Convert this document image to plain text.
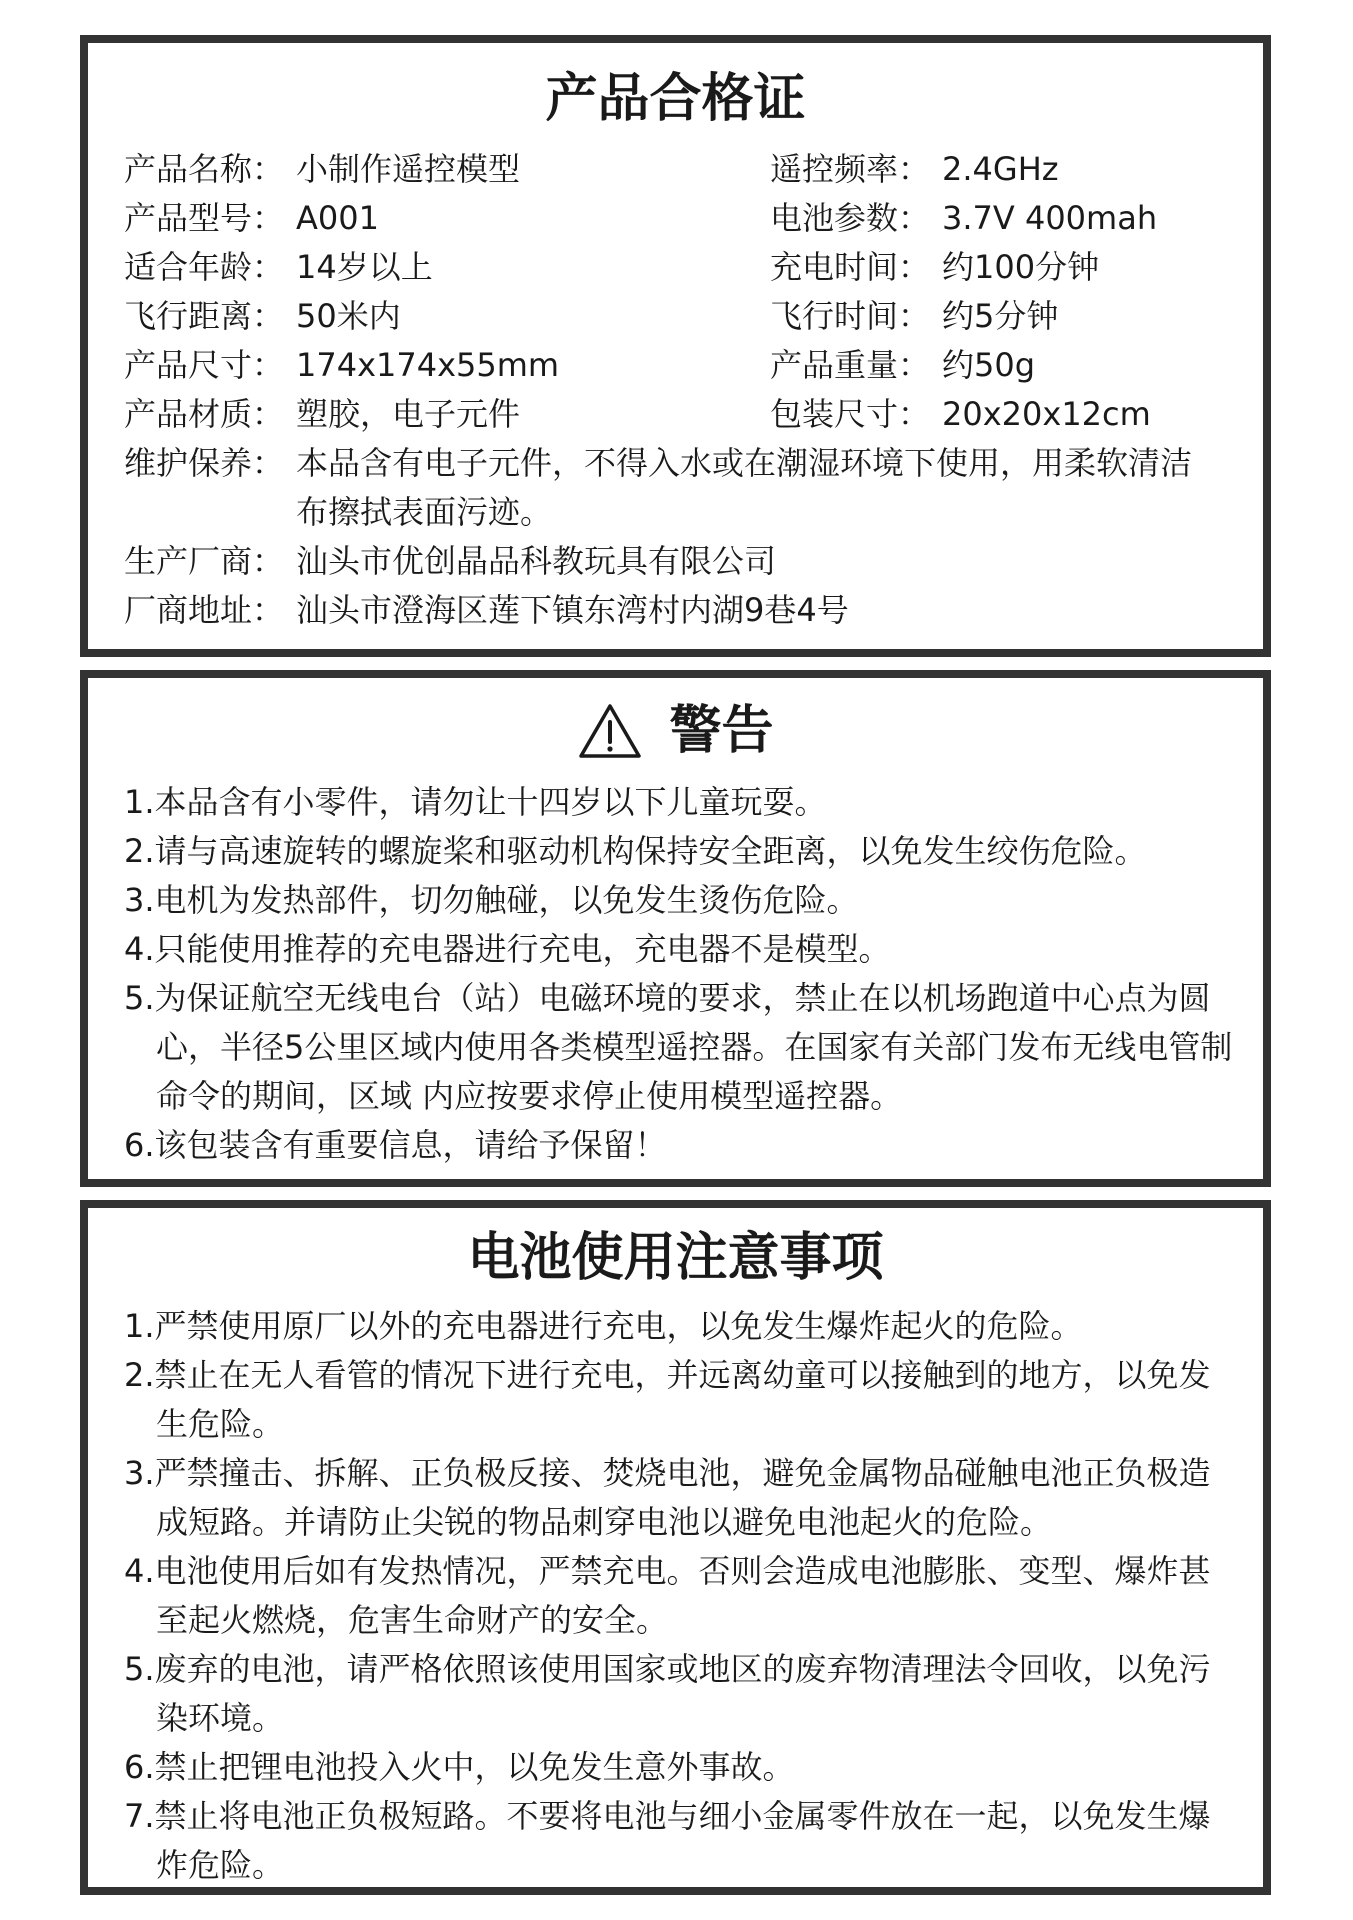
产品合格证
产品名称： 小制作遥控模型
产品型号： A001
适合年龄： 14岁以上
飞行距离： 50米内
产品尺寸： 174x174x55mm
产品材质： 塑胶，电子元件
遥控频率： 2.4GHz
电池参数： 3.7V 400mah
充电时间： 约100分钟
飞行时间： 约5分钟
产品重量： 约50g
包装尺寸： 20x20x12cm
维护保养： 本品含有电子元件，不得入水或在潮湿环境下使用，用柔软清洁布擦拭表面污迹。
生产厂商： 汕头市优创晶品科教玩具有限公司
厂商地址： 汕头市澄海区莲下镇东湾村内湖9巷4号
警告
1.本品含有小零件，请勿让十四岁以下儿童玩耍。
2.请与高速旋转的螺旋桨和驱动机构保持安全距离，以免发生绞伤危险。
3.电机为发热部件，切勿触碰，以免发生烫伤危险。
4.只能使用推荐的充电器进行充电，充电器不是模型。
5.为保证航空无线电台（站）电磁环境的要求，禁止在以机场跑道中心点为圆心，半径5公里区域内使用各类模型遥控器。在国家有关部门发布无线电管制命令的期间，区域 内应按要求停止使用模型遥控器。
6.该包装含有重要信息，请给予保留！
电池使用注意事项
1.严禁使用原厂以外的充电器进行充电，以免发生爆炸起火的危险。
2.禁止在无人看管的情况下进行充电，并远离幼童可以接触到的地方，以免发生危险。
3.严禁撞击、拆解、正负极反接、焚烧电池，避免金属物品碰触电池正负极造成短路。并请防止尖锐的物品刺穿电池以避免电池起火的危险。
4.电池使用后如有发热情况，严禁充电。否则会造成电池膨胀、变型、爆炸甚至起火燃烧，危害生命财产的安全。
5.废弃的电池，请严格依照该使用国家或地区的废弃物清理法令回收，以免污染环境。
6.禁止把锂电池投入火中，以免发生意外事故。
7.禁止将电池正负极短路。不要将电池与细小金属零件放在一起，以免发生爆炸危险。
